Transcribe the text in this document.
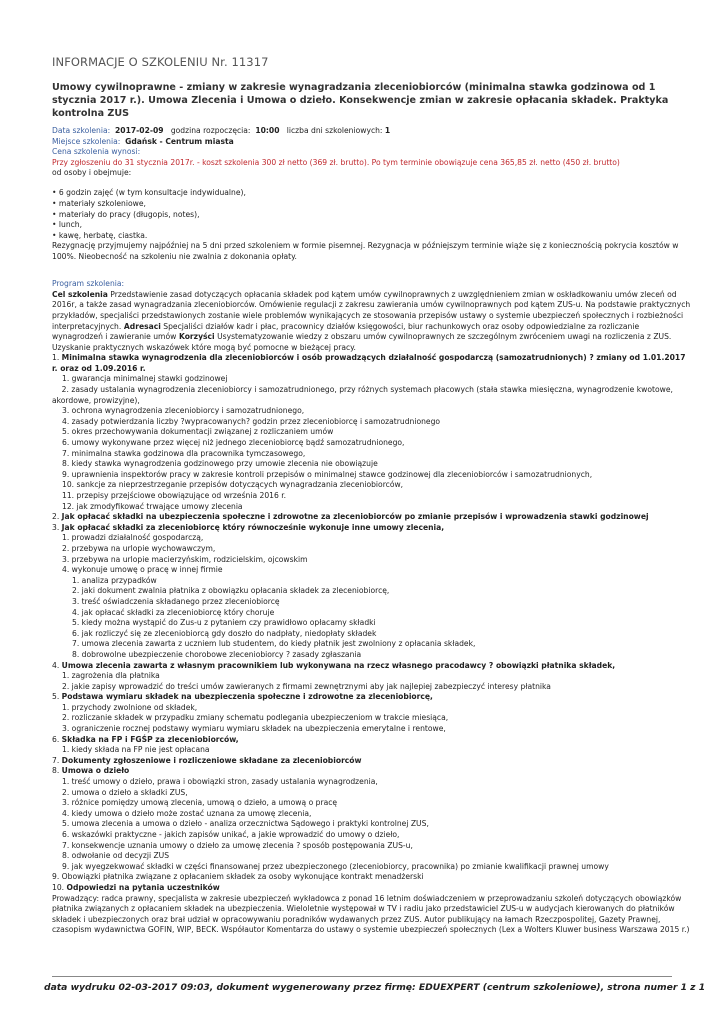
INFORMACJE O SZKOLENIU Nr. 11317
Umowy cywilnoprawne - zmiany w zakresie wynagradzania zleceniobiorców (minimalna stawka godzinowa od 1 stycznia 2017 r.). Umowa Zlecenia i Umowa o dzieło. Konsekwencje zmian w zakresie opłacania składek. Praktyka kontrolna ZUS
Data szkolenia: 2017-02-09 godzina rozpoczęcia: 10:00 liczba dni szkoleniowych: 1
Miejsce szkolenia: Gdańsk - Centrum miasta
Cena szkolenia wynosi:
Przy zgłoszeniu do 31 stycznia 2017r. - koszt szkolenia 300 zł netto (369 zł. brutto). Po tym terminie obowiązuje cena 365,85 zł. netto (450 zł. brutto)
od osoby i obejmuje:
• 6 godzin zajęć (w tym konsultacje indywidualne),
• materiały szkoleniowe,
• materiały do pracy (długopis, notes),
• lunch,
• kawę, herbatę, ciastka.
Rezygnację przyjmujemy najpóźniej na 5 dni przed szkoleniem w formie pisemnej. Rezygnacja w późniejszym terminie wiąże się z koniecznością pokrycia kosztów w 100%. Nieobecność na szkoleniu nie zwalnia z dokonania opłaty.
Program szkolenia:
Cel szkolenia Przedstawienie zasad dotyczących opłacania składek pod kątem umów cywilnoprawnych z uwzględnieniem zmian w oskładkowaniu umów zleceń od 2016r, a także zasad wynagradzania zleceniobiorców. Omówienie regulacji z zakresu zawierania umów cywilnoprawnych pod kątem ZUS-u. Na podstawie praktycznych przykładów, specjaliści przedstawionych zostanie wiele problemów wynikających ze stosowania przepisów ustawy o systemie ubezpieczeń społecznych i rozbieżności interpretacyjnych. Adresaci Specjaliści działów kadr i płac, pracownicy działów księgowości, biur rachunkowych oraz osoby odpowiedzialne za rozliczanie wynagrodzeń i zawieranie umów Korzyści Usystematyzowanie wiedzy z obszaru umów cywilnoprawnych ze szczególnym zwróceniem uwagi na rozliczenia z ZUS. Uzyskanie praktycznych wskazówek które mogą być pomocne w bieżącej pracy.
1. Minimalna stawka wynagrodzenia dla zleceniobiorców i osób prowadzących działalność gospodarczą (samozatrudnionych) ? zmiany od 1.01.2017 r. oraz od 1.09.2016 r.
1. gwarancja minimalnej stawki godzinowej
2. zasady ustalania wynagrodzenia zleceniobiorcy i samozatrudnionego, przy różnych systemach płacowych (stała stawka miesięczna, wynagrodzenie kwotowe, akordowe, prowizyjne),
3. ochrona wynagrodzenia zleceniobiorcy i samozatrudnionego,
4. zasady potwierdzania liczby ?wypracowanych? godzin przez zleceniobiorcę i samozatrudnionego
5. okres przechowywania dokumentacji związanej z rozliczaniem umów
6. umowy wykonywane przez więcej niż jednego zleceniobiorcę bądź samozatrudnionego,
7. minimalna stawka godzinowa dla pracownika tymczasowego,
8. kiedy stawka wynagrodzenia godzinowego przy umowie zlecenia nie obowiązuje
9. uprawnienia inspektorów pracy w zakresie kontroli przepisów o minimalnej stawce godzinowej dla zleceniobiorców i samozatrudnionych,
10. sankcje za nieprzestrzeganie przepisów dotyczących wynagradzania zleceniobiorców,
11. przepisy przejściowe obowiązujące od września 2016 r.
12. jak zmodyfikować trwające umowy zlecenia
2. Jak opłacać składki na ubezpieczenia społeczne i zdrowotne za zleceniobiorców po zmianie przepisów i wprowadzenia stawki godzinowej
3. Jak opłacać składki za zleceniobiorcę który równocześnie wykonuje inne umowy zlecenia,
1. prowadzi działalność gospodarczą,
2. przebywa na urlopie wychowawczym,
3. przebywa na urlopie macierzyńskim, rodzicielskim, ojcowskim
4. wykonuje umowę o pracę w innej firmie
1. analiza przypadków
2. jaki dokument zwalnia płatnika z obowiązku opłacania składek za zleceniobiorcę,
3. treść oświadczenia składanego przez zleceniobiorcę
4. jak opłacać składki za zleceniobiorcę który choruje
5. kiedy można wystąpić do Zus-u z pytaniem czy prawidłowo opłacamy składki
6. jak rozliczyć się ze zleceniobiorcą gdy doszło do nadpłaty, niedopłaty składek
7. umowa zlecenia zawarta z uczniem lub studentem, do kiedy płatnik jest zwolniony z opłacania składek,
8. dobrowolne ubezpieczenie chorobowe zleceniobiorcy ? zasady zgłaszania
4. Umowa zlecenia zawarta z własnym pracownikiem lub wykonywana na rzecz własnego pracodawcy ? obowiązki płatnika składek,
1. zagrożenia dla płatnika
2. jakie zapisy wprowadzić do treści umów zawieranych z firmami zewnętrznymi aby jak najlepiej zabezpieczyć interesy płatnika
5. Podstawa wymiaru składek na ubezpieczenia społeczne i zdrowotne za zleceniobiorcę,
1. przychody zwolnione od składek,
2. rozliczanie składek w przypadku zmiany schematu podlegania ubezpieczeniom w trakcie miesiąca,
3. ograniczenie rocznej podstawy wymiaru wymiaru składek na ubezpieczenia emerytalne i rentowe,
6. Składka na FP i FGŚP za zleceniobiorców,
1. kiedy składa na FP nie jest opłacana
7. Dokumenty zgłoszeniowe i rozliczeniowe składane za zleceniobiorców
8. Umowa o dzieło
1. treść umowy o dzieło, prawa i obowiązki stron, zasady ustalania wynagrodzenia,
2. umowa o dzieło a składki ZUS,
3. różnice pomiędzy umową zlecenia, umową o dzieło, a umową o pracę
4. kiedy umowa o dzieło może zostać uznana za umowę zlecenia,
5. umowa zlecenia a umowa o dzieło - analiza orzecznictwa Sądowego i praktyki kontrolnej ZUS,
6. wskazówki praktyczne - jakich zapisów unikać, a jakie wprowadzić do umowy o dzieło,
7. konsekwencje uznania umowy o dzieło za umowę zlecenia ? sposób postępowania ZUS-u,
8. odwołanie od decyzji ZUS
9. jak wyegzekwować składki w części finansowanej przez ubezpieczonego (zleceniobiorcy, pracownika) po zmianie kwalifikacji prawnej umowy
9. Obowiązki płatnika związane z opłacaniem składek za osoby wykonujące kontrakt menadżerski
10. Odpowiedzi na pytania uczestników
Prowadzący: radca prawny, specjalista w zakresie ubezpieczeń wykładowca z ponad 16 letnim doświadczeniem w przeprowadzaniu szkoleń dotyczących obowiązków płatnika związanych z opłacaniem składek na ubezpieczenia. Wieloletnie występował w TV i radiu jako przedstawiciel ZUS-u w audycjach kierowanych do płatników składek i ubezpieczonych oraz brał udział w opracowywaniu poradników wydawanych przez ZUS. Autor publikujący na łamach Rzeczpospolitej, Gazety Prawnej, czasopism wydawnictwa GOFIN, WIP, BECK. Współautor Komentarza do ustawy o systemie ubezpieczeń społecznych (Lex a Wolters Kluwer business Warszawa 2015 r.)
data wydruku 02-03-2017 09:03, dokument wygenerowany przez firmę: EDUEXPERT (centrum szkoleniowe), strona numer 1 z 1
